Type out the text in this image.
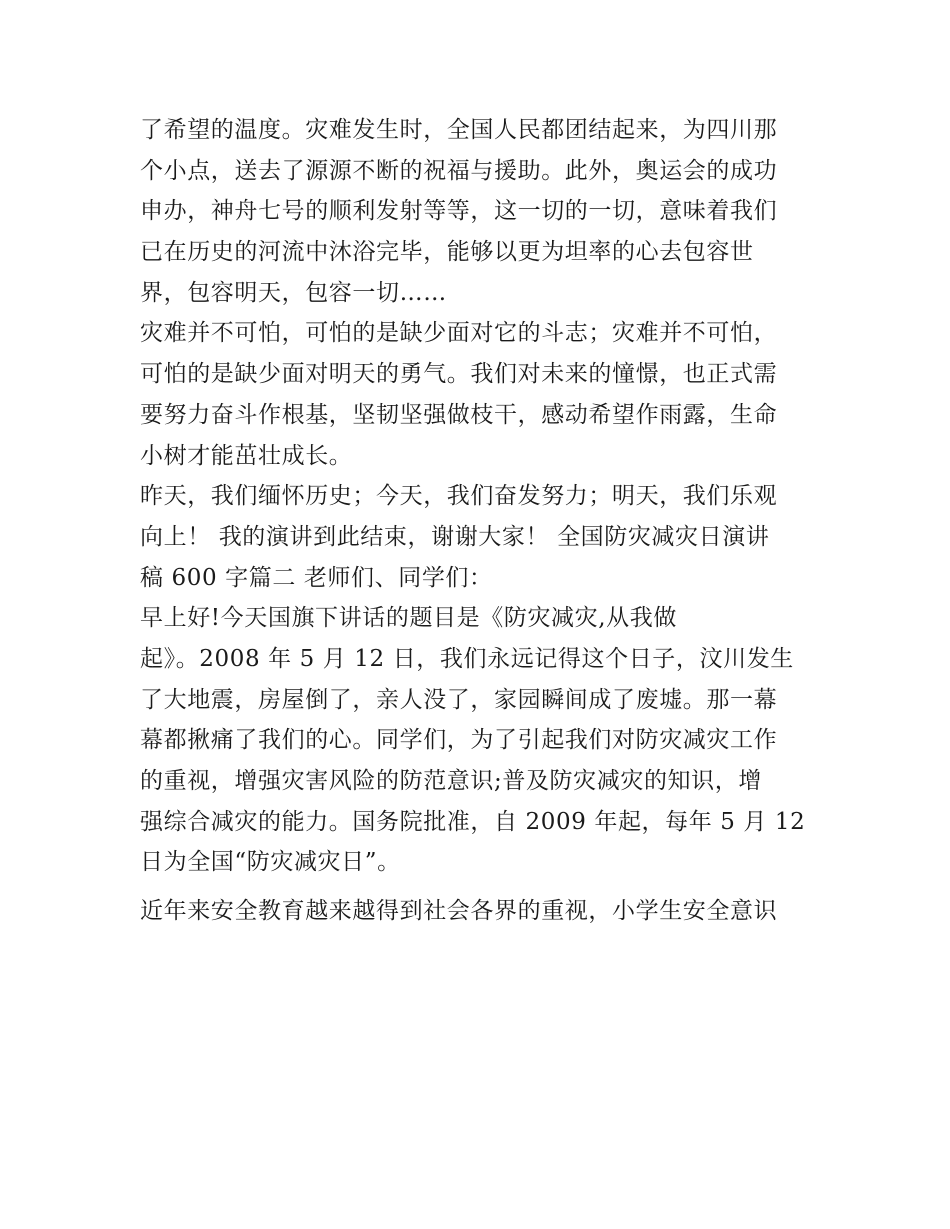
了希望的温度。灾难发生时，全国人民都团结起来，为四川那
个小点，送去了源源不断的祝福与援助。此外，奥运会的成功
申办，神舟七号的顺利发射等等，这一切的一切，意味着我们
已在历史的河流中沐浴完毕，能够以更为坦率的心去包容世
界，包容明天，包容一切……
灾难并不可怕，可怕的是缺少面对它的斗志；灾难并不可怕，
可怕的是缺少面对明天的勇气。我们对未来的憧憬，也正式需
要努力奋斗作根基，坚韧坚强做枝干，感动希望作雨露，生命
小树才能茁壮成长。
昨天，我们缅怀历史；今天，我们奋发努力；明天，我们乐观
向上！ 我的演讲到此结束，谢谢大家！ 全国防灾减灾日演讲
稿 600 字篇二 老师们、同学们：
早上好!今天国旗下讲话的题目是《防灾减灾,从我做
起》。2008 年 5 月 12 日，我们永远记得这个日子，汶川发生
了大地震，房屋倒了，亲人没了，家园瞬间成了废墟。那一幕
幕都揪痛了我们的心。同学们，为了引起我们对防灾减灾工作
的重视，增强灾害风险的防范意识;普及防灾减灾的知识，增
强综合减灾的能力。国务院批准，自 2009 年起，每年 5 月 12
日为全国“防灾减灾日”。
近年来安全教育越来越得到社会各界的重视，小学生安全意识
